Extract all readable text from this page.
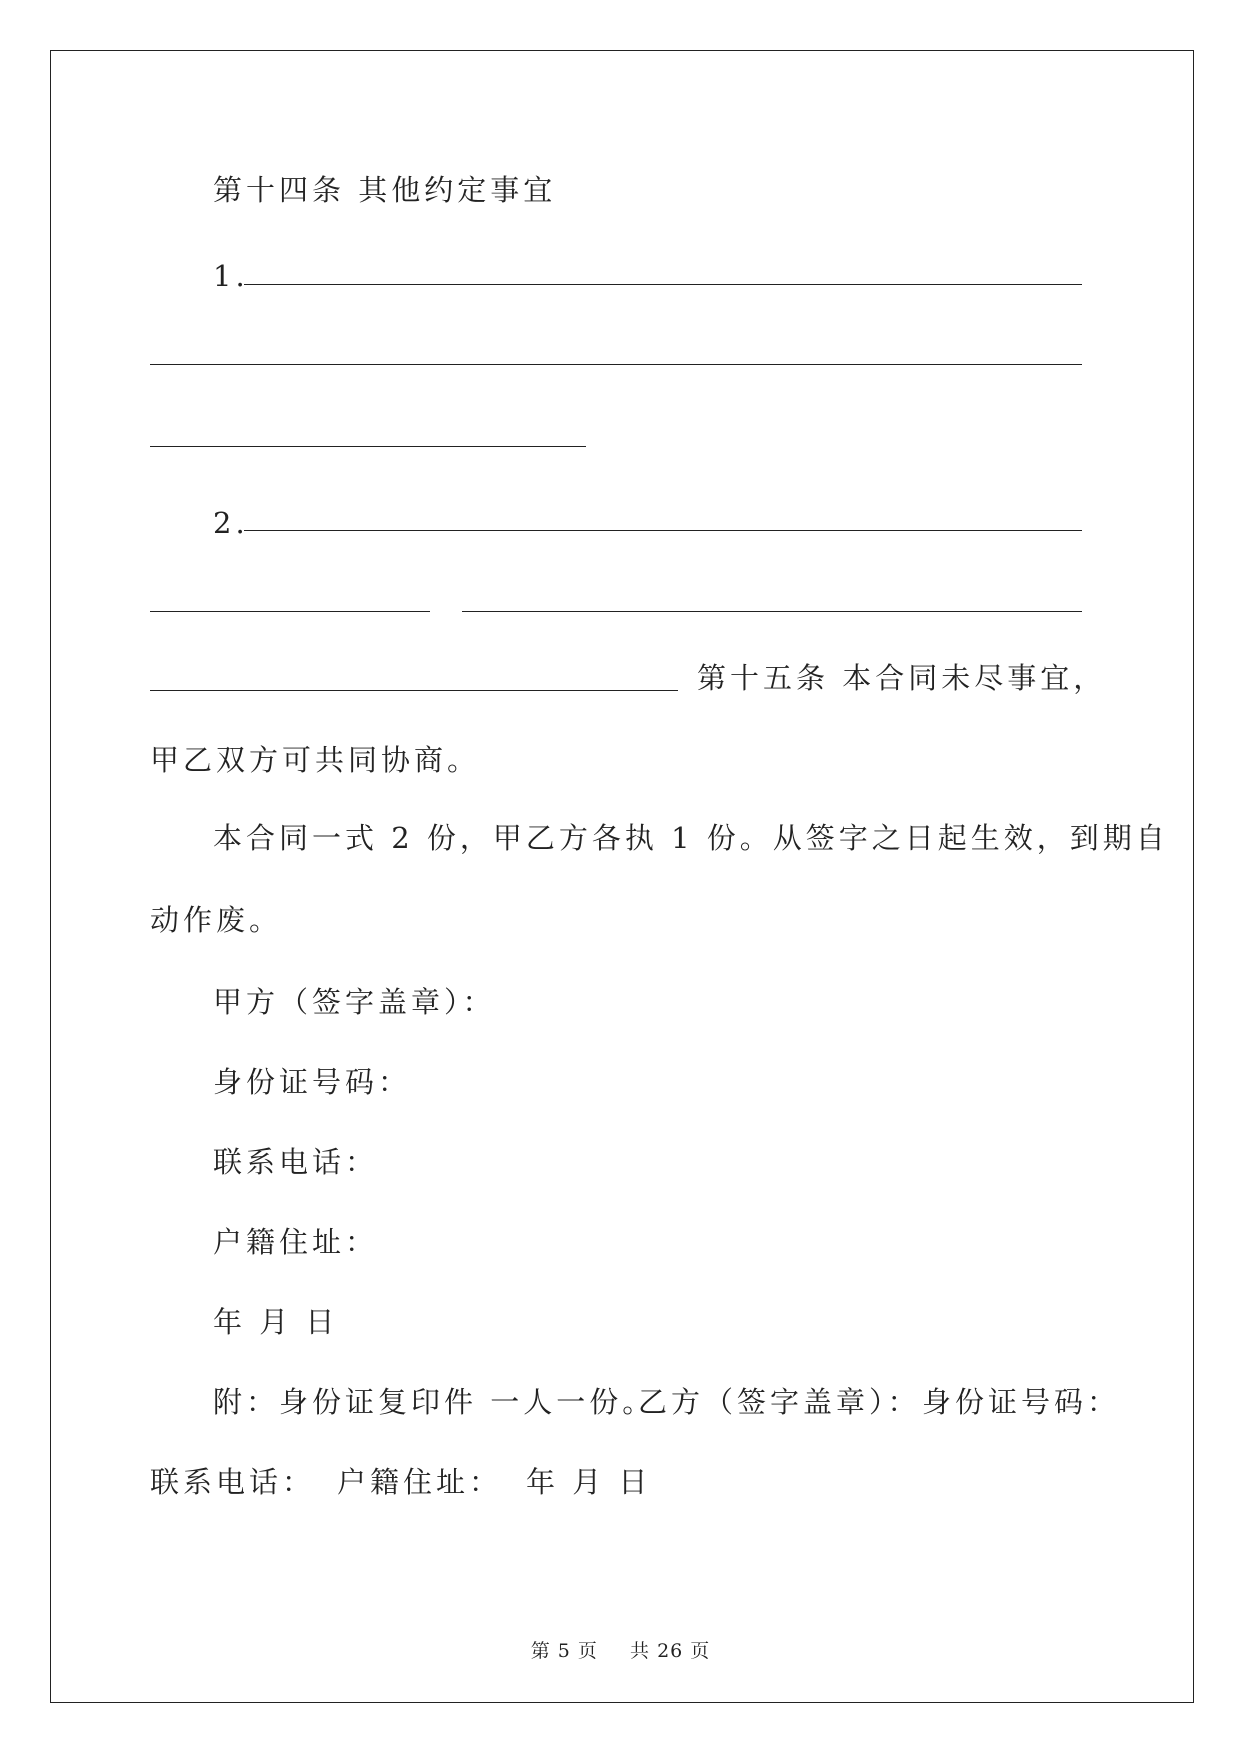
第十四条 其他约定事宜
1.
2.
第十五条 本合同未尽事宜，
甲乙双方可共同协商。
本合同一式 2 份，甲乙方各执 1 份。从签字之日起生效，到期自
动作废。
甲方（签字盖章）：
身份证号码：
联系电话：
户籍住址：
年 月 日
附：身份证复印件 一人一份。
乙方（签字盖章）： 身份证号码：
联系电话： 户籍住址： 年 月 日
第 5 页 共 26 页
